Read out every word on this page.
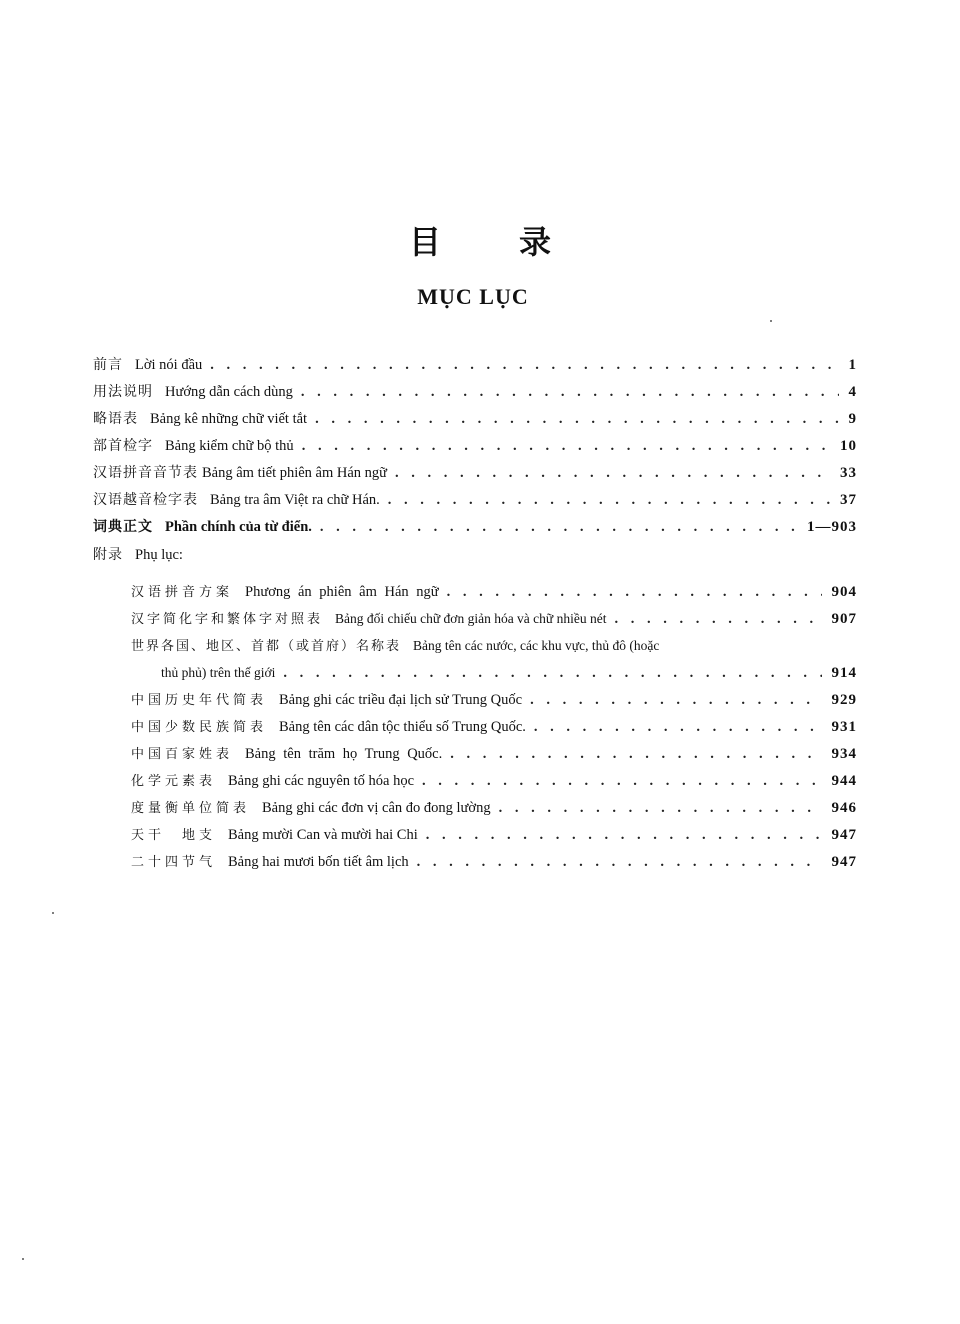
目录
MỤC LỤC
前言 Lời nói đầu . . .	1
用法说明 Hướng dẫn cách dùng . . .	4
略语表 Bảng kê những chữ viết tắt . . .	9
部首检字 Bảng kiểm chữ bộ thủ . . .	10
汉语拼音音节表 Bảng âm tiết phiên âm Hán ngữ . . .	33
汉语越音检字表 Bảng tra âm Việt ra chữ Hán. . . .	37
词典正文 Phần chính của từ điển. . . .	1—903
附录 Phụ lục:
汉语拼音方案 Phương án phiên âm Hán ngữ . . .	904
汉字简化字和繁体字对照表 Bảng đối chiếu chữ đơn giản hóa và chữ nhiều nét . . .	907
世界各国、地区、首都（或首府）名称表 Bảng tên các nước, các khu vực, thủ đô (hoặc
thủ phủ) trên thế giới . . .	914
中国历史年代简表 Bảng ghi các triều đại lịch sử Trung Quốc . . .	929
中国少数民族简表 Bảng tên các dân tộc thiểu số Trung Quốc. . . .	931
中国百家姓表 Bảng tên trăm họ Trung Quốc. . . .	934
化学元素表 Bảng ghi các nguyên tố hóa học . . .	944
度量衡单位简表 Bảng ghi các đơn vị cân đo đong lường . . .	946
天干　地支 Bảng mười Can và mười hai Chi . . .	947
二十四节气 Bảng hai mươi bốn tiết âm lịch . . .	947
